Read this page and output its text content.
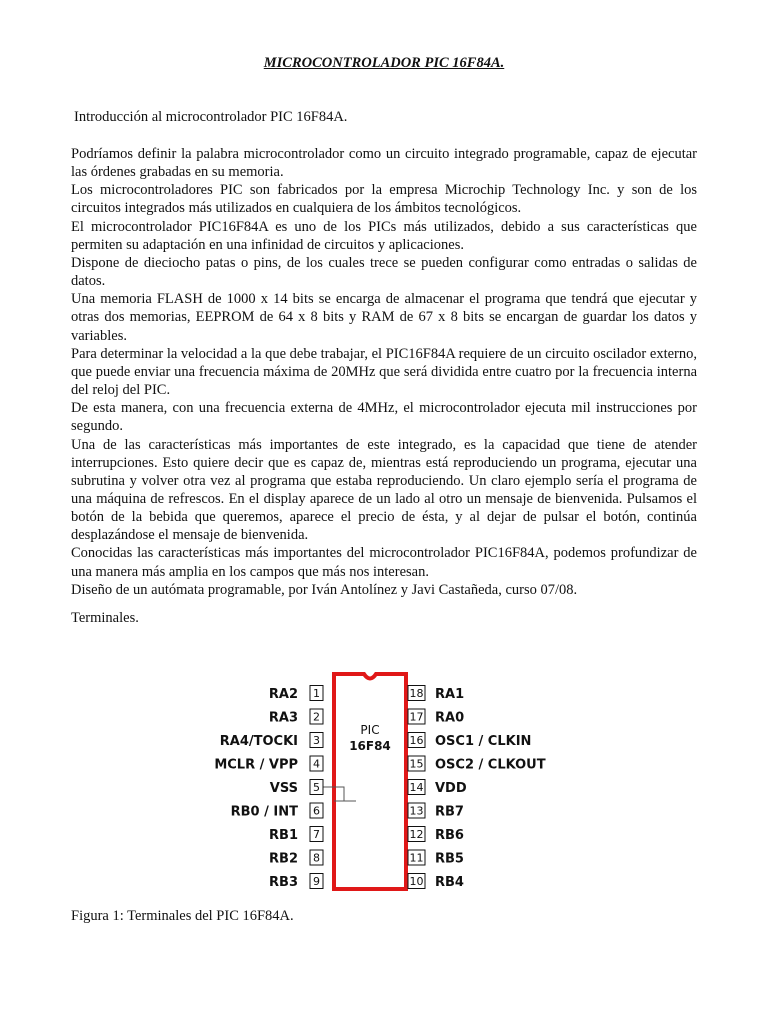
MICROCONTROLADOR PIC 16F84A.

Introducción al microcontrolador PIC 16F84A.

Podríamos definir la palabra microcontrolador como un circuito integrado programable, capaz de ejecutar las órdenes grabadas en su memoria.

Los microcontroladores PIC son fabricados por la empresa Microchip Technology Inc. y son de los circuitos integrados más utilizados en cualquiera de los ámbitos tecnológicos.

El microcontrolador PIC16F84A es uno de los PICs más utilizados, debido a sus características que permiten su adaptación en una infinidad de circuitos y aplicaciones.

Dispone de dieciocho patas o pins, de los cuales trece se pueden configurar como entradas o salidas de datos.

Una memoria FLASH de 1000 x 14 bits se encarga de almacenar el programa que tendrá que ejecutar y otras dos memorias, EEPROM de 64 x 8 bits y RAM de 67 x 8 bits se encargan de guardar los datos y variables.

Para determinar la velocidad a la que debe trabajar, el PIC16F84A requiere de un circuito oscilador externo, que puede enviar una frecuencia máxima de 20MHz que será dividida entre cuatro por la frecuencia interna del reloj del PIC.

De esta manera, con una frecuencia externa de 4MHz, el microcontrolador ejecuta mil instrucciones por segundo.

Una de las características más importantes de este integrado, es la capacidad que tiene de atender interrupciones. Esto quiere decir que es capaz de, mientras está reproduciendo un programa, ejecutar una subrutina y volver otra vez al programa que estaba reproduciendo. Un claro ejemplo sería el programa de una máquina de refrescos. En el display aparece de un lado al otro un mensaje de bienvenida. Pulsamos el botón de la bebida que queremos, aparece el precio de ésta, y al dejar de pulsar el botón, continúa desplazándose el mensaje de bienvenida.

Conocidas las características más importantes del microcontrolador PIC16F84A, podemos profundizar de una manera más amplia en los campos que más nos interesan.

Diseño de un autómata programable, por Iván Antolínez y Javi Castañeda, curso 07/08.

Terminales.

PIC
16F84
1
RA2
2
RA3
3
RA4/TOCKI
4
MCLR / VPP
5
VSS
6
RB0 / INT
7
RB1
8
RB2
9
RB3
18 RA1
17 RA0
16 OSC1 / CLKIN
15 OSC2 / CLKOUT
14 VDD
13 RB7
12 RB6
11 RB5
10 RB4

Figura 1: Terminales del PIC 16F84A.
